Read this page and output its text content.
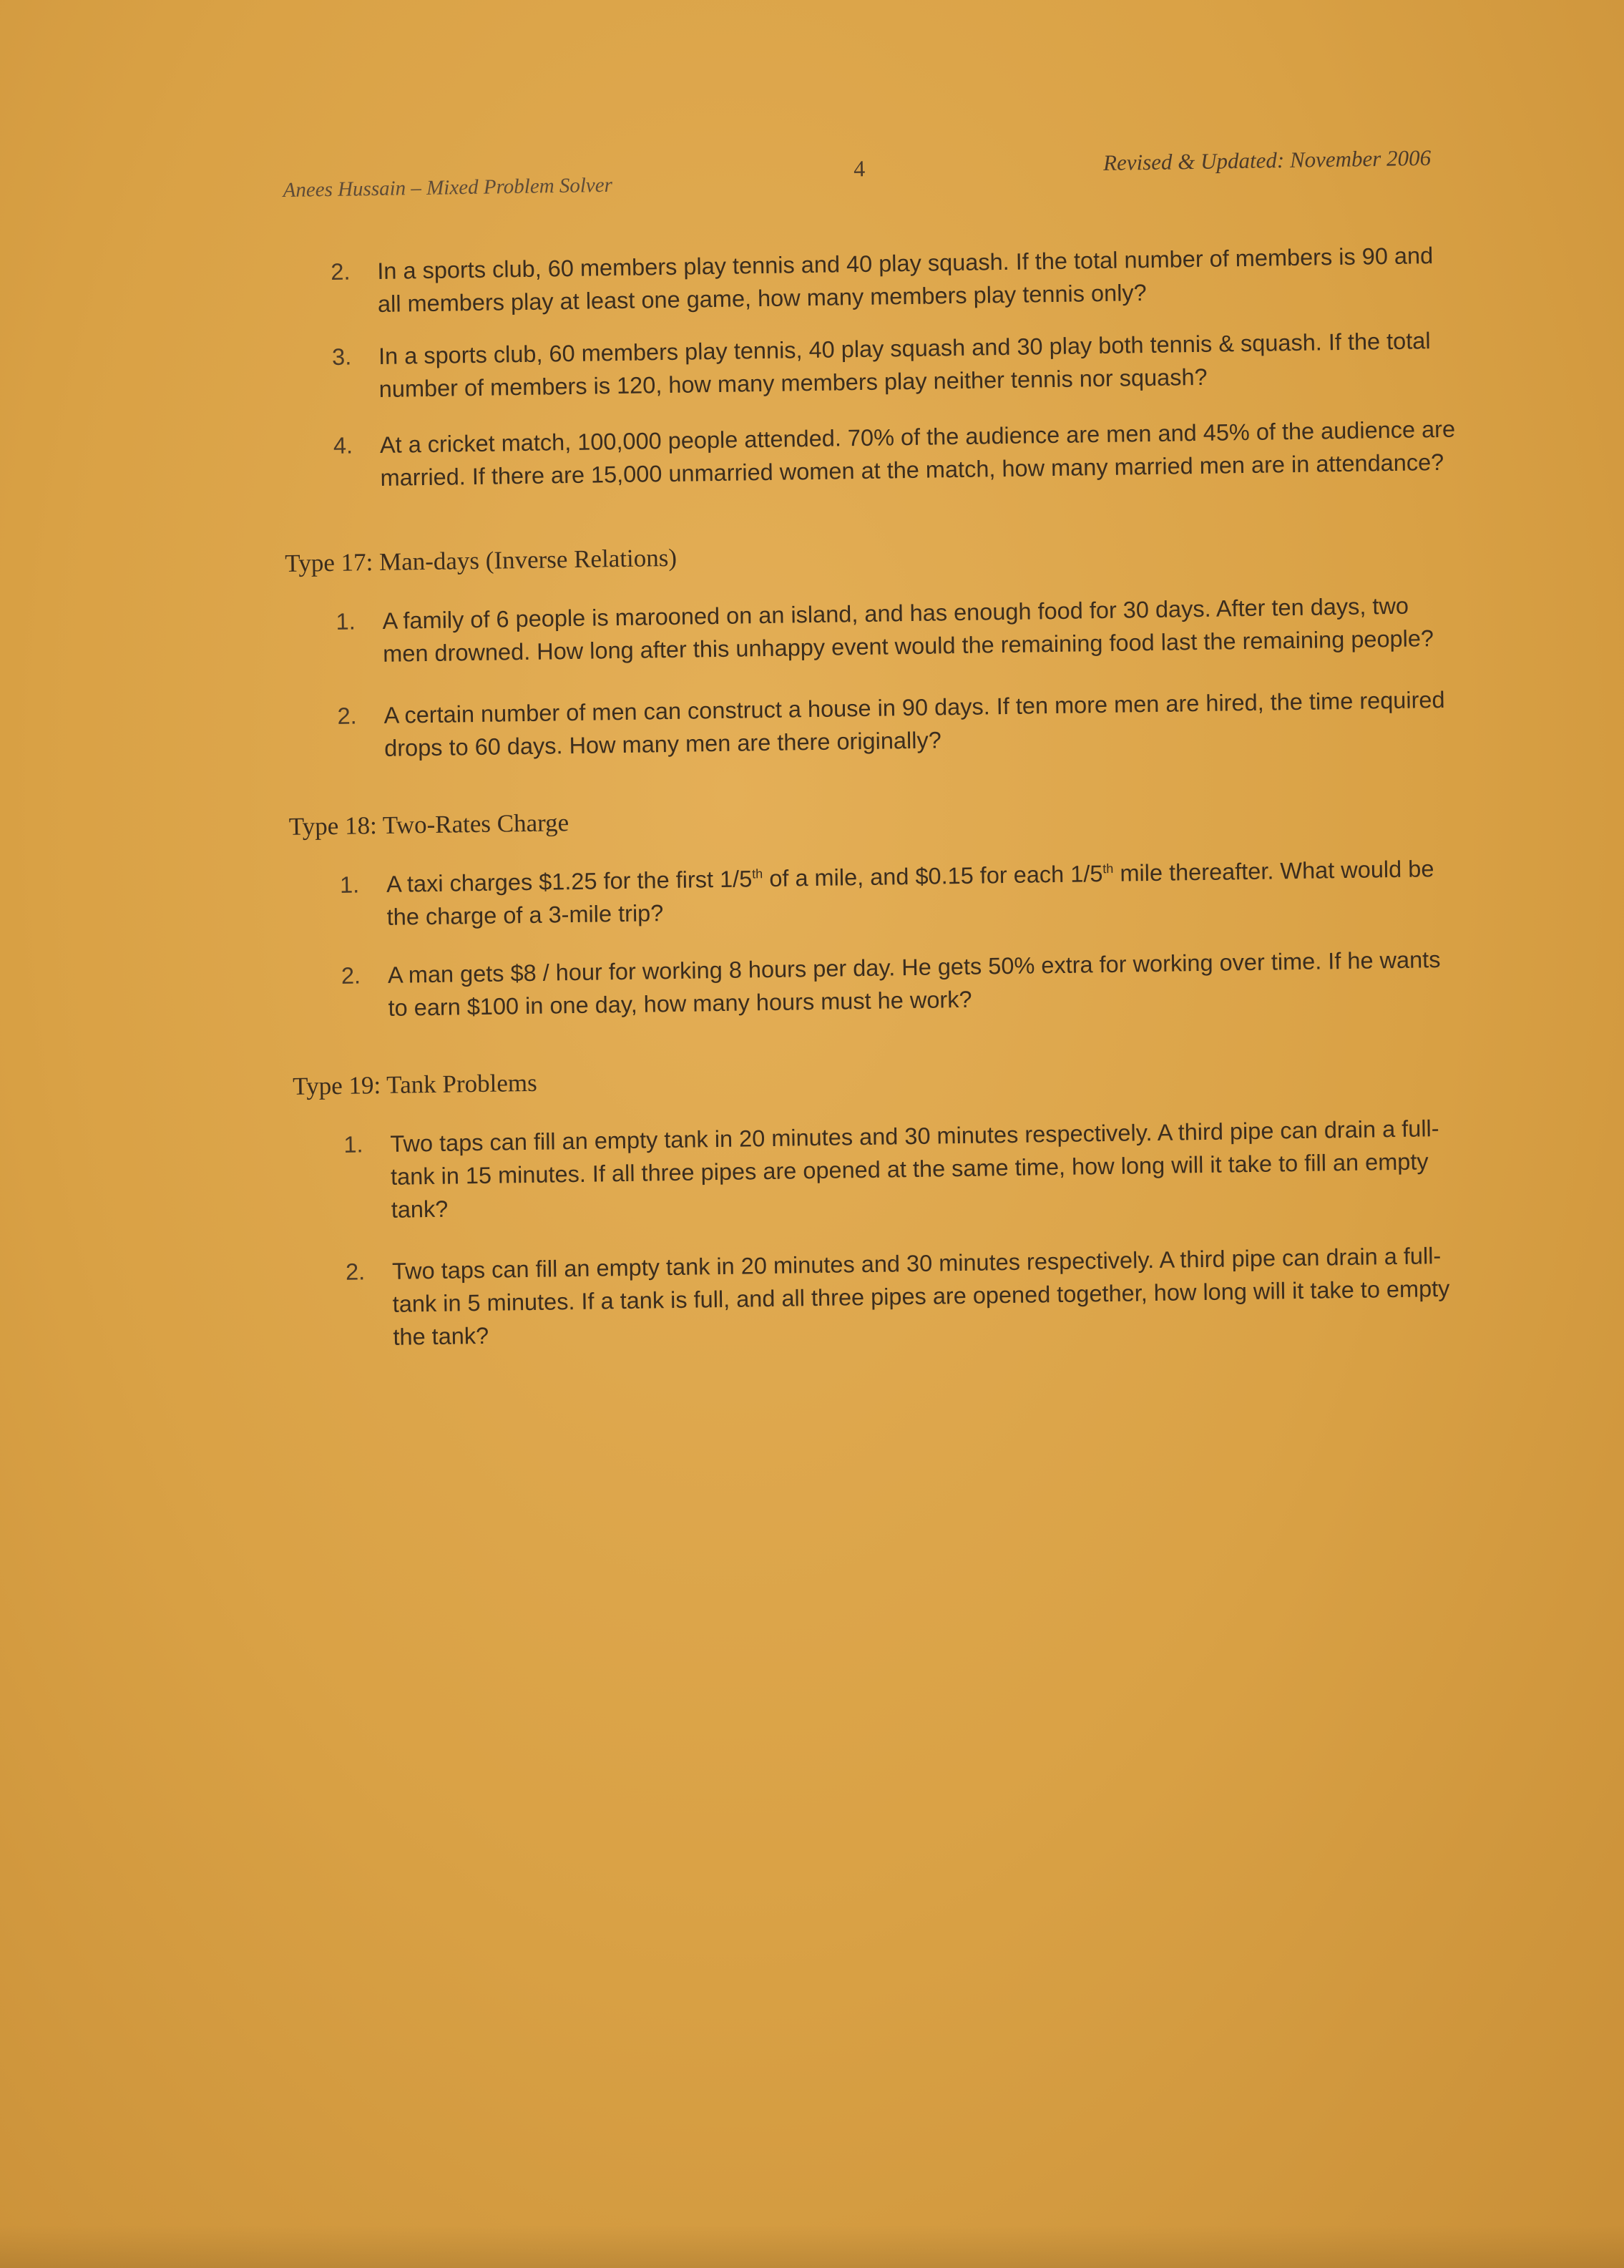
Anees Hussain – Mixed Problem Solver
4	Revised & Updated: November 2006
2. In a sports club, 60 members play tennis and 40 play squash. If the total number of members is 90 and all members play at least one game, how many members play tennis only?
3. In a sports club, 60 members play tennis, 40 play squash and 30 play both tennis & squash. If the total number of members is 120, how many members play neither tennis nor squash?
4. At a cricket match, 100,000 people attended. 70% of the audience are men and 45% of the audience are married. If there are 15,000 unmarried women at the match, how many married men are in attendance?
Type 17: Man-days (Inverse Relations)
1. A family of 6 people is marooned on an island, and has enough food for 30 days. After ten days, two men drowned. How long after this unhappy event would the remaining food last the remaining people?
2. A certain number of men can construct a house in 90 days. If ten more men are hired, the time required drops to 60 days. How many men are there originally?
Type 18: Two-Rates Charge
1. A taxi charges $1.25 for the first 1/5th of a mile, and $0.15 for each 1/5th mile thereafter. What would be the charge of a 3-mile trip?
2. A man gets $8 / hour for working 8 hours per day. He gets 50% extra for working over time. If he wants to earn $100 in one day, how many hours must he work?
Type 19: Tank Problems
1. Two taps can fill an empty tank in 20 minutes and 30 minutes respectively. A third pipe can drain a full-tank in 15 minutes. If all three pipes are opened at the same time, how long will it take to fill an empty tank?
2. Two taps can fill an empty tank in 20 minutes and 30 minutes respectively. A third pipe can drain a full-tank in 5 minutes. If a tank is full, and all three pipes are opened together, how long will it take to empty the tank?
